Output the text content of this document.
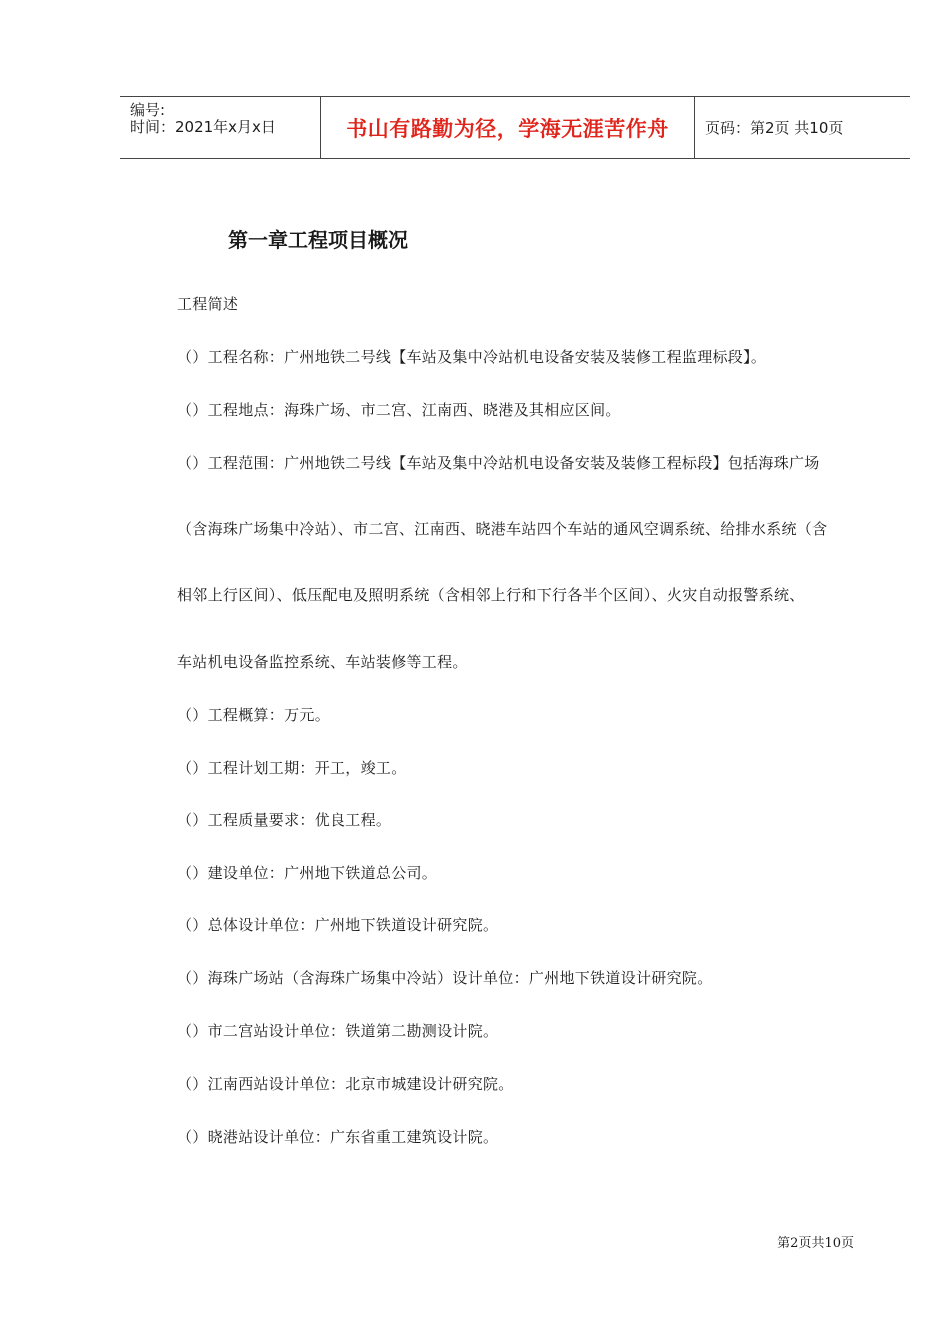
编号:
时间：2021年x月x日	书山有路勤为径，学海无涯苦作舟	页码：第2页 共10页
第一章工程项目概况
工程简述
（）工程名称：广州地铁二号线【车站及集中冷站机电设备安装及装修工程监理标段】。
（）工程地点：海珠广场、市二宫、江南西、晓港及其相应区间。
（）工程范围：广州地铁二号线【车站及集中冷站机电设备安装及装修工程标段】包括海珠广场
（含海珠广场集中冷站）、市二宫、江南西、晓港车站四个车站的通风空调系统、给排水系统（含
相邻上行区间）、低压配电及照明系统（含相邻上行和下行各半个区间）、火灾自动报警系统、
车站机电设备监控系统、车站装修等工程。
（）工程概算：万元。
（）工程计划工期：开工，竣工。
（）工程质量要求：优良工程。
（）建设单位：广州地下铁道总公司。
（）总体设计单位：广州地下铁道设计研究院。
（）海珠广场站（含海珠广场集中冷站）设计单位：广州地下铁道设计研究院。
（）市二宫站设计单位：铁道第二勘测设计院。
（）江南西站设计单位：北京市城建设计研究院。
（）晓港站设计单位：广东省重工建筑设计院。
第2页共10页
